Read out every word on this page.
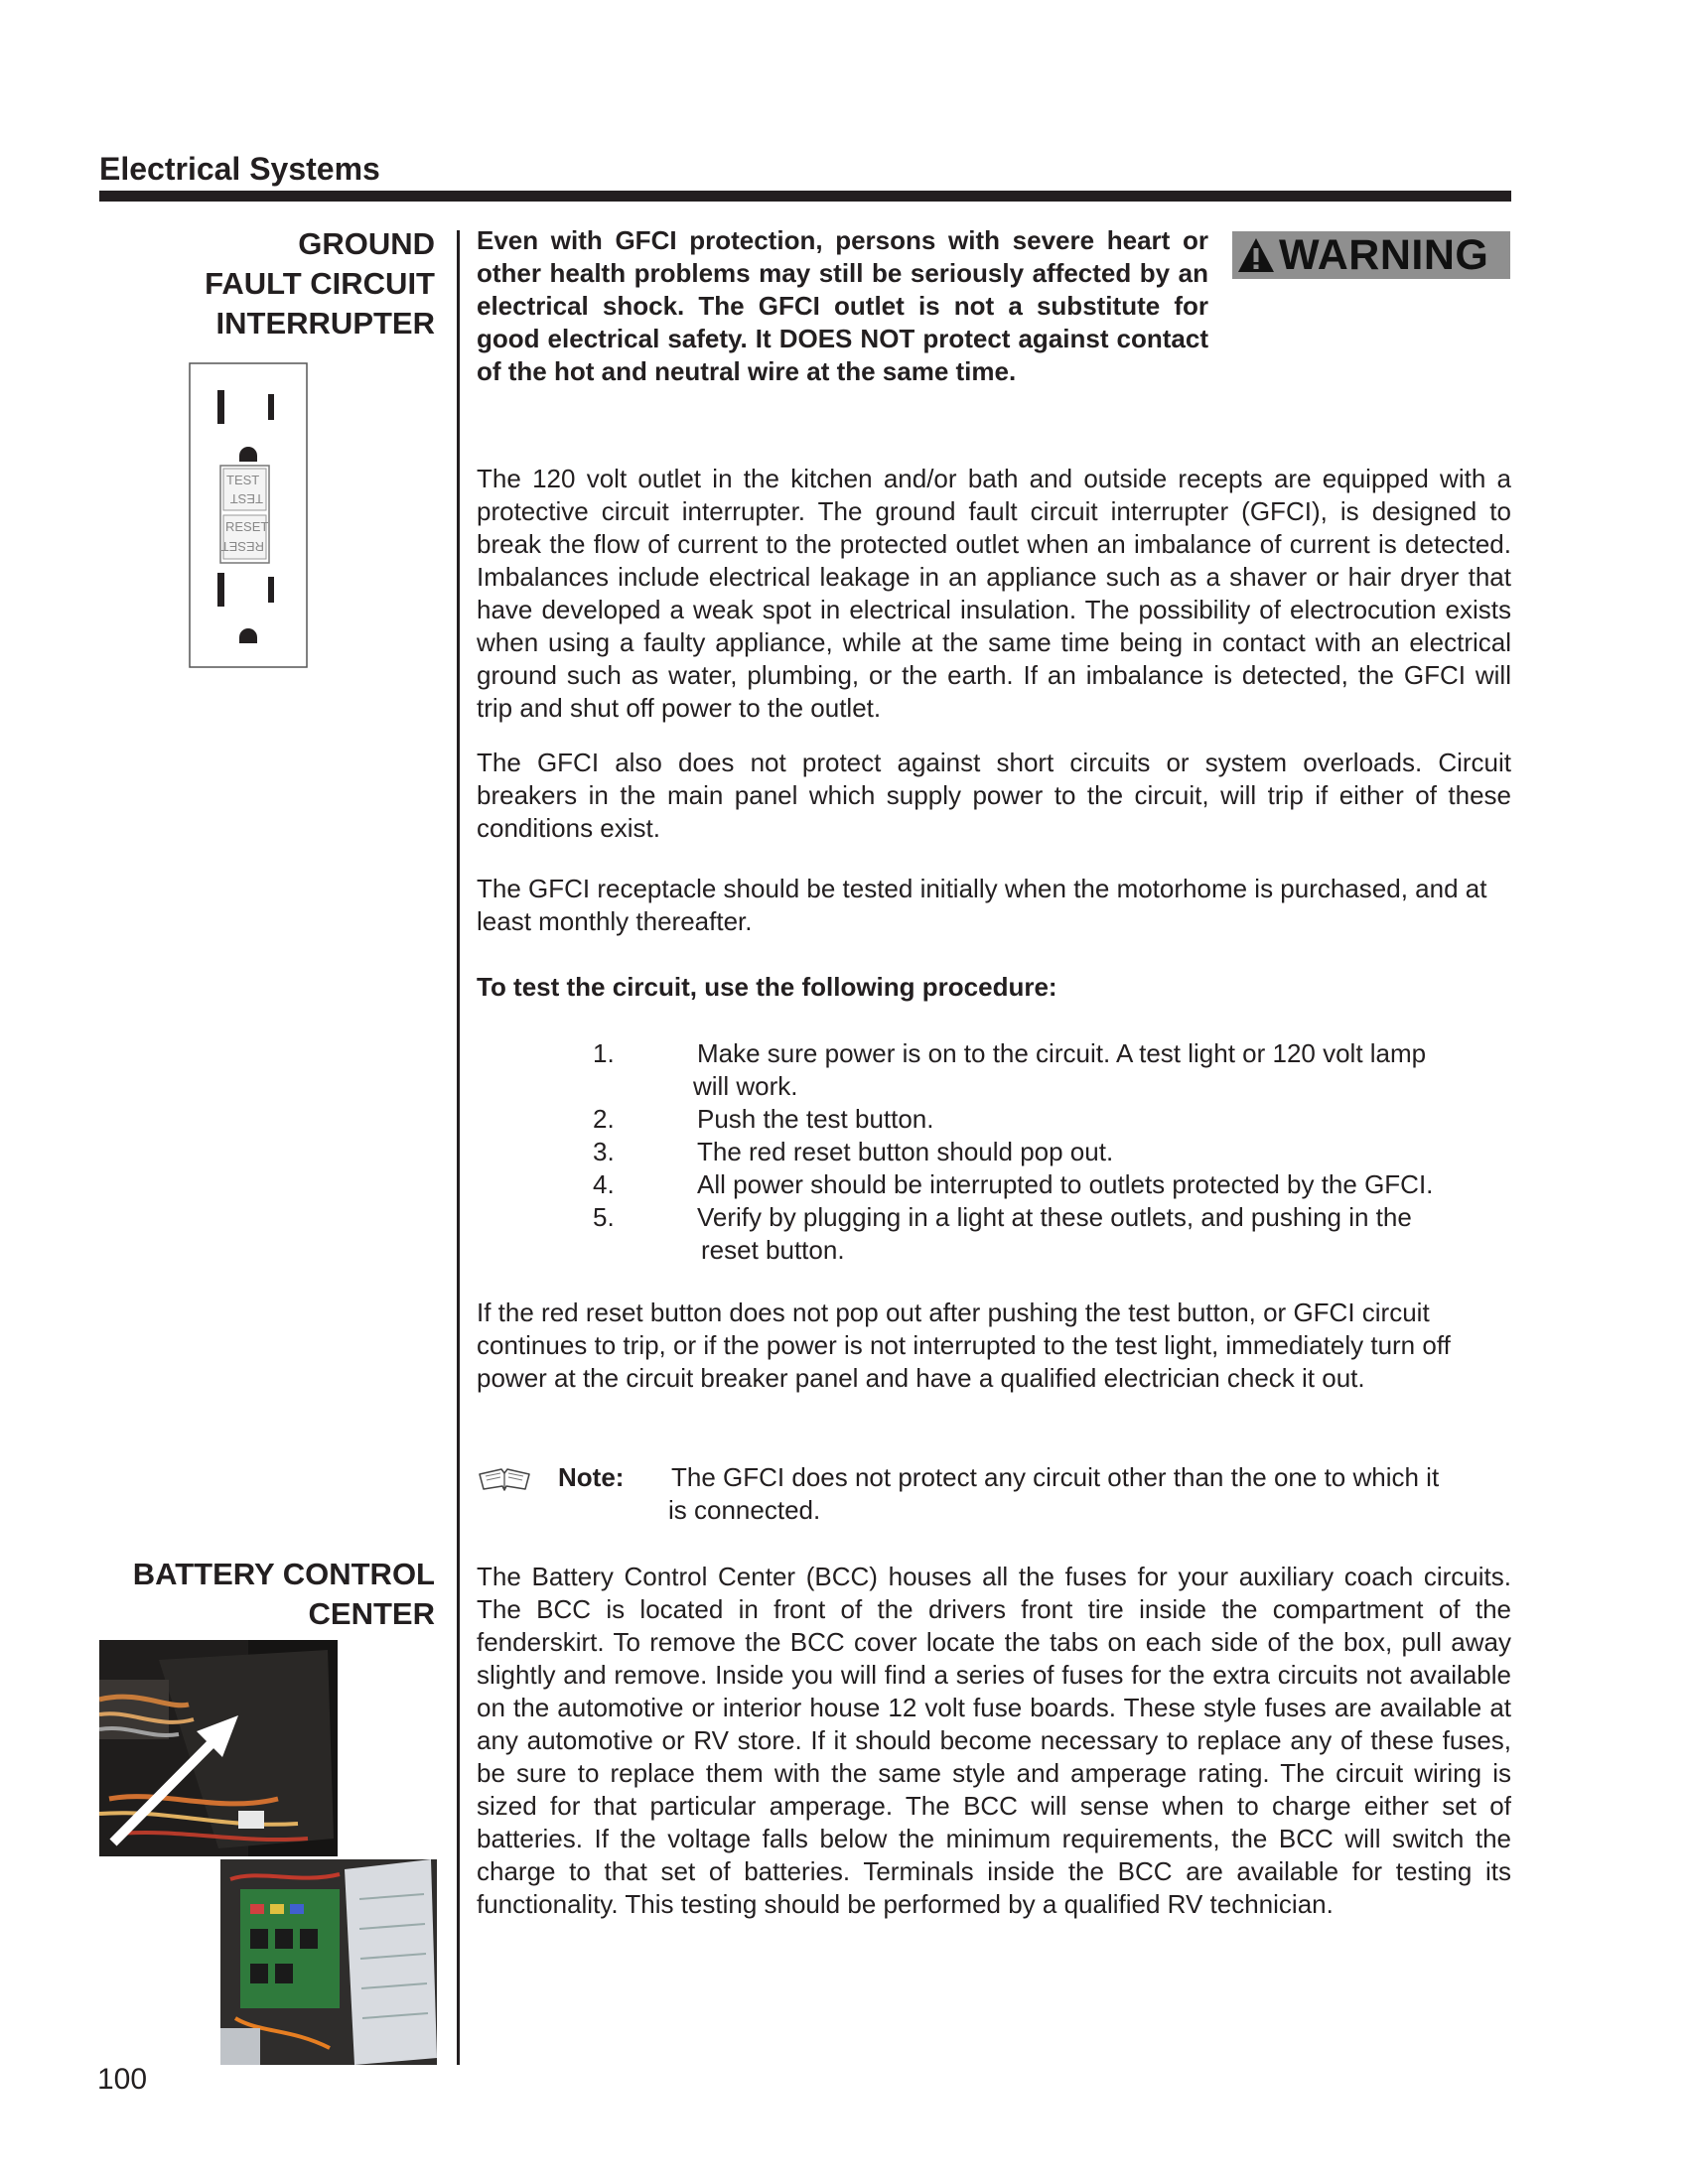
Electrical Systems
GROUND
FAULT CIRCUIT
INTERRUPTER
TEST
TEST
RESET
RESET
Even with GFCI protection, persons with severe heart or other health problems may still be seriously affected by an electrical shock. The GFCI outlet is not a substitute for good electrical safety. It DOES NOT protect against contact of the hot and neutral wire at the same time.
WARNING
The 120 volt outlet in the kitchen and/or bath and outside recepts are equipped with a protective circuit interrupter. The ground fault circuit interrupter (GFCI), is designed to break the flow of current to the protected outlet when an imbalance of current is detected. Imbalances include electrical leakage in an appliance such as a shaver or hair dryer that have developed a weak spot in electrical insulation. The possibility of electrocution exists when using a faulty appliance, while at the same time being in contact with an electrical ground such as water, plumbing, or the earth. If an imbalance is detected, the GFCI will trip and shut off power to the outlet.
The GFCI also does not protect against short circuits or system overloads. Circuit breakers in the main panel which supply power to the circuit, will trip if either of these conditions exist.
The GFCI receptacle should be tested initially when the motorhome is purchased, and at least monthly thereafter.
To test the circuit, use the following procedure:
1.	Make sure power is on to the circuit. A test light or 120 volt lamp
will work.
2.	Push the test button.
3.	The red reset button should pop out.
4.	All power should be interrupted to outlets protected by the GFCI.
5.	Verify by plugging in a light at these outlets, and pushing in the
reset button.
If the red reset button does not pop out after pushing the test button, or GFCI circuit continues to trip, or if the power is not interrupted to the test light, immediately turn off power at the circuit breaker panel and have a qualified electrician check it out.
Note: The GFCI does not protect any circuit other than the one to which it
is connected.
BATTERY CONTROL
CENTER
The Battery Control Center (BCC) houses all the fuses for your auxiliary coach circuits. The BCC is located in front of the drivers front tire inside the compartment of the fenderskirt. To remove the BCC cover locate the tabs on each side of the box, pull away slightly and remove. Inside you will find a series of fuses for the extra circuits not available on the automotive or interior house 12 volt fuse boards. These style fuses are available at any automotive or RV store. If it should become necessary to replace any of these fuses, be sure to replace them with the same style and amperage rating. The circuit wiring is sized for that particular amperage. The BCC will sense when to charge either set of batteries. If the voltage falls below the minimum requirements, the BCC will switch the charge to that set of batteries. Terminals inside the BCC are available for testing its functionality. This testing should be performed by a qualified RV technician.
100
